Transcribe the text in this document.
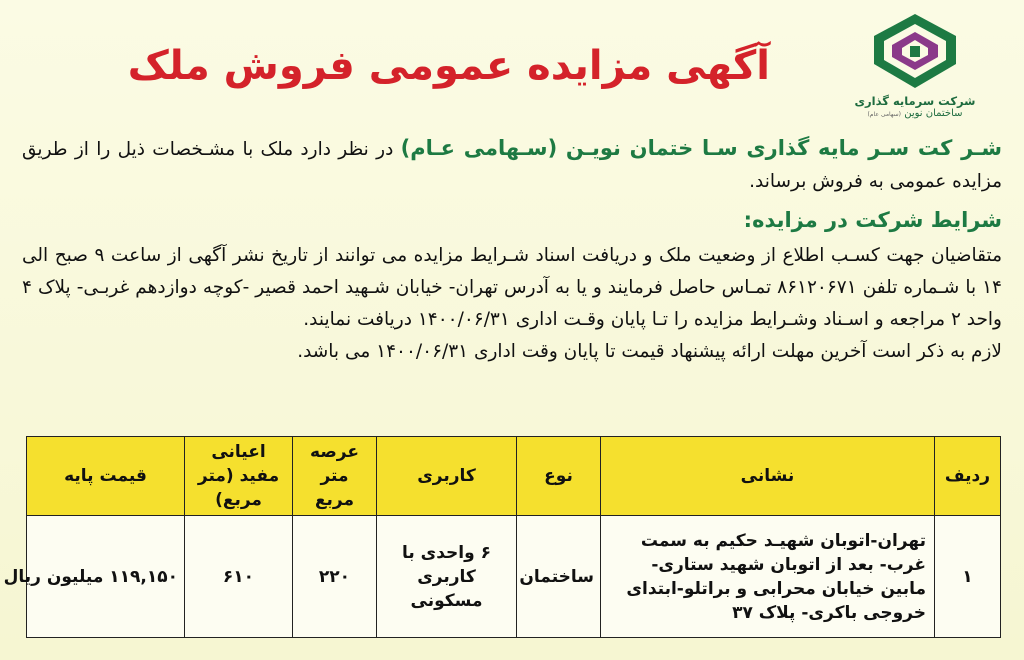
آگهی مزایده عمومی فروش ملک
شرکت سرمایه گذاری
ساختمان نوین (سهامی عام)

شـر کت سـر مایه گذاری سـا ختمان نویـن (سـهامی عـام) در نظر دارد ملک با مشـخصات ذیل را از طریق مزایده عمومی به فروش برساند.

شرایط شرکت در مزایده:

متقاضیان جهت کسـب اطلاع از وضعیت ملک و دریافت اسناد شـرایط مزایده می توانند از تاریخ نشر آگهی از ساعت ۹ صبح الی ۱۴ با شـماره تلفن ۸۶۱۲۰۶۷۱ تمـاس حاصل فرمایند و یا به آدرس تهران- خیابان شـهید احمد قصیر -کوچه دوازدهم غربـی- پلاک ۴ واحد ۲ مراجعه و اسـناد وشـرایط مزایده را تـا پایان وقـت اداری ۱۴۰۰/۰۶/۳۱ دریافت نمایند.

لازم به ذکر است آخرین مهلت ارائه پیشنهاد قیمت تا پایان وقت اداری ۱۴۰۰/۰۶/۳۱ می باشد.

ردیف	نشانی	نوع	کاربری	عرصه متر مربع	اعیانی مفید (متر مربع)	قیمت پایه
۱	تهران-اتوبان شهیـد حکیم به سمت غرب- بعد از اتوبان شهید ستاری-مابین خیابان محرابی و براتلو-ابتدای خروجی باکری- پلاک ۳۷	ساختمان	۶ واحدی با کاربری مسکونی	۲۲۰	۶۱۰	۱۱۹,۱۵۰ میلیون ریال
